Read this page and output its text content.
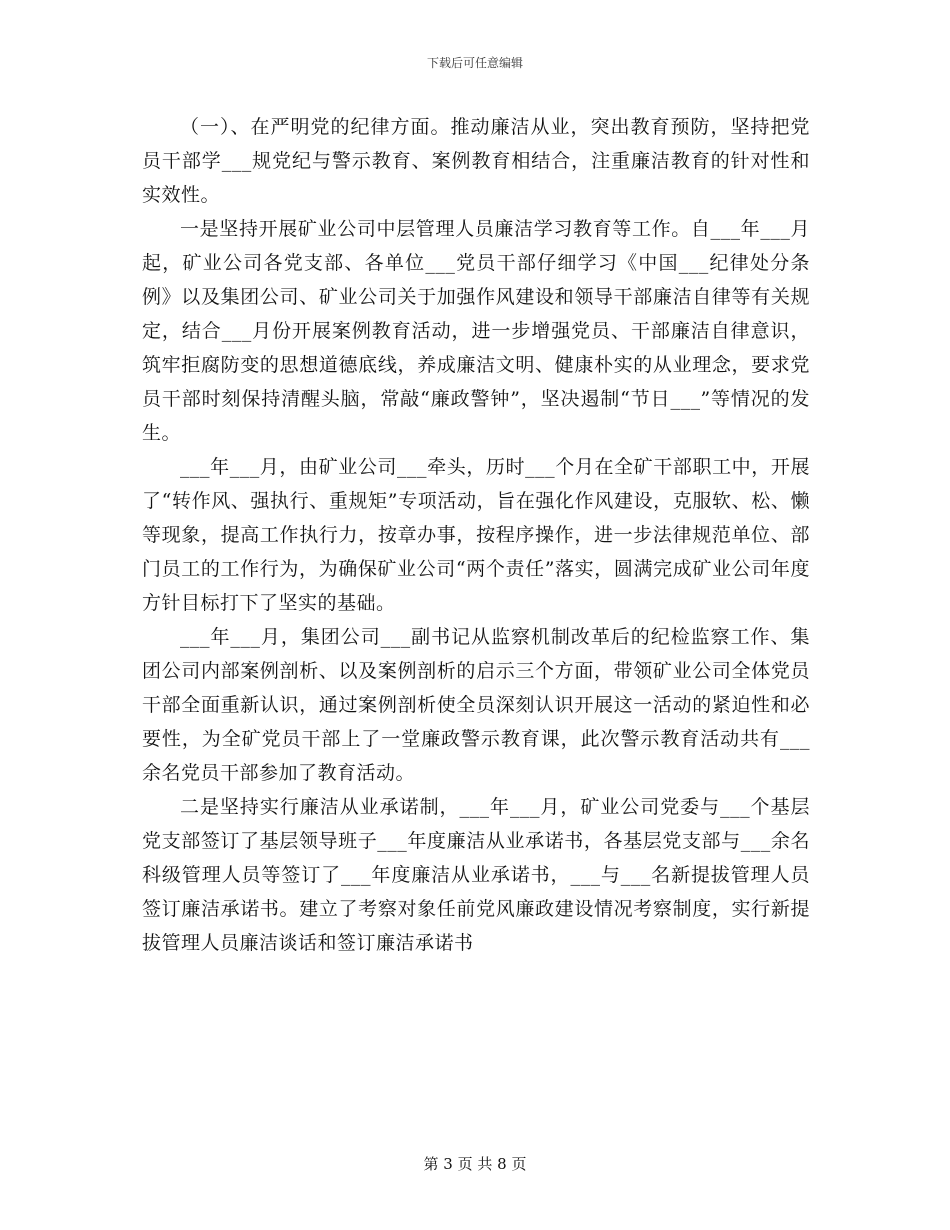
下载后可任意编辑

（一）、在严明党的纪律方面。推动廉洁从业，突出教育预防，坚持把党员干部学___规党纪与警示教育、案例教育相结合，注重廉洁教育的针对性和实效性。

一是坚持开展矿业公司中层管理人员廉洁学习教育等工作。自___年___月起，矿业公司各党支部、各单位___党员干部仔细学习《中国___纪律处分条例》以及集团公司、矿业公司关于加强作风建设和领导干部廉洁自律等有关规定，结合___月份开展案例教育活动，进一步增强党员、干部廉洁自律意识，筑牢拒腐防变的思想道德底线，养成廉洁文明、健康朴实的从业理念，要求党员干部时刻保持清醒头脑，常敲“廉政警钟”，坚决遏制“节日___”等情况的发生。

___年___月，由矿业公司___牵头，历时___个月在全矿干部职工中，开展了“转作风、强执行、重规矩”专项活动，旨在强化作风建设，克服软、松、懒等现象，提高工作执行力，按章办事，按程序操作，进一步法律规范单位、部门员工的工作行为，为确保矿业公司“两个责任”落实，圆满完成矿业公司年度方针目标打下了坚实的基础。

___年___月，集团公司___副书记从监察机制改革后的纪检监察工作、集团公司内部案例剖析、以及案例剖析的启示三个方面，带领矿业公司全体党员干部全面重新认识，通过案例剖析使全员深刻认识开展这一活动的紧迫性和必要性，为全矿党员干部上了一堂廉政警示教育课，此次警示教育活动共有___余名党员干部参加了教育活动。

二是坚持实行廉洁从业承诺制，___年___月，矿业公司党委与___个基层党支部签订了基层领导班子___年度廉洁从业承诺书，各基层党支部与___余名科级管理人员等签订了___年度廉洁从业承诺书，___与___名新提拔管理人员签订廉洁承诺书。建立了考察对象任前党风廉政建设情况考察制度，实行新提拔管理人员廉洁谈话和签订廉洁承诺书

第 3 页 共 8 页
